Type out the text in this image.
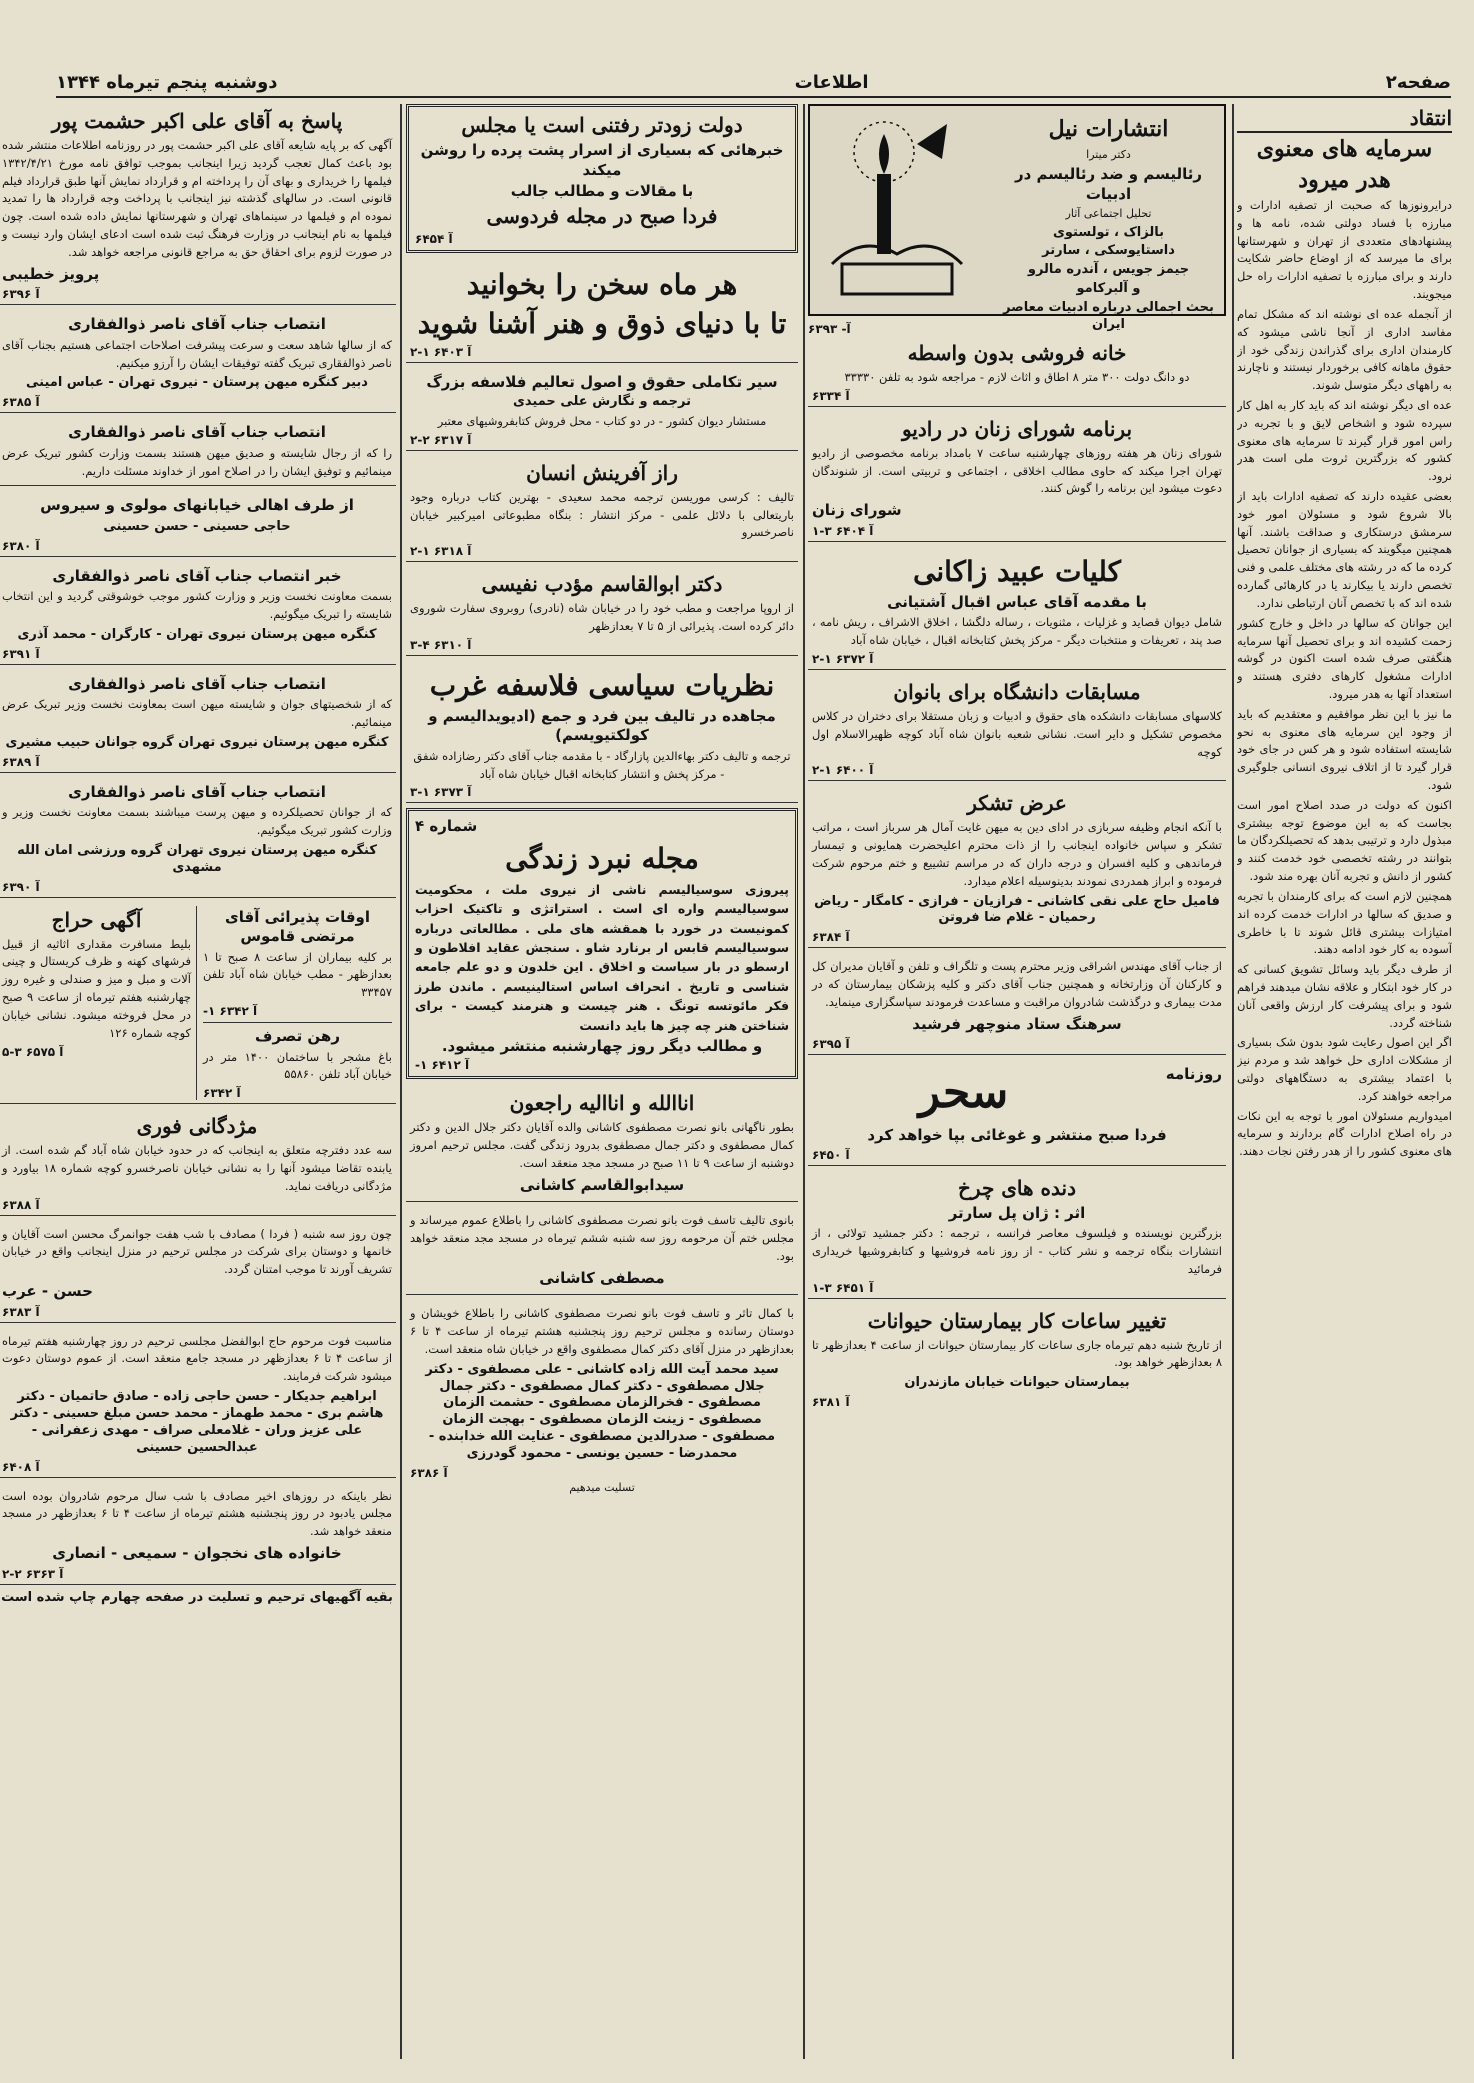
صفحه۲
اطلاعات
دوشنبه پنجم تیرماه ۱۳۴۴
انتقاد
سرمایه های معنوی
هدر میرود

درایرونوزها که صحبت از تصفیه ادارات و مبارزه با فساد دولتی شده، نامه ها و پیشنهادهای متعددی از تهران و شهرستانها برای ما میرسد که از اوضاع حاضر شکایت دارند و برای مبارزه با تصفیه ادارات راه حل میجویند.

از آنجمله عده ای نوشته اند که مشکل تمام مفاسد اداری از آنجا ناشی میشود که کارمندان اداری برای گذراندن زندگی خود از حقوق ماهانه کافی برخوردار نیستند و ناچارند به راههای دیگر متوسل شوند.

عده ای دیگر نوشته اند که باید کار به اهل کار سپرده شود و اشخاص لایق و با تجربه در راس امور قرار گیرند تا سرمایه های معنوی کشور که بزرگترین ثروت ملی است هدر نرود.

بعضی عقیده دارند که تصفیه ادارات باید از بالا شروع شود و مسئولان امور خود سرمشق درستکاری و صداقت باشند. آنها همچنین میگویند که بسیاری از جوانان تحصیل کرده ما که در رشته های مختلف علمی و فنی تخصص دارند یا بیکارند یا در کارهائی گمارده شده اند که با تخصص آنان ارتباطی ندارد.

این جوانان که سالها در داخل و خارج کشور زحمت کشیده اند و برای تحصیل آنها سرمایه هنگفتی صرف شده است اکنون در گوشه ادارات مشغول کارهای دفتری هستند و استعداد آنها به هدر میرود.

ما نیز با این نظر موافقیم و معتقدیم که باید از وجود این سرمایه های معنوی به نحو شایسته استفاده شود و هر کس در جای خود قرار گیرد تا از اتلاف نیروی انسانی جلوگیری شود.

اکنون که دولت در صدد اصلاح امور است بجاست که به این موضوع توجه بیشتری مبذول دارد و ترتیبی بدهد که تحصیلکردگان ما بتوانند در رشته تخصصی خود خدمت کنند و کشور از دانش و تجربه آنان بهره مند شود.

همچنین لازم است که برای کارمندان با تجربه و صدیق که سالها در ادارات خدمت کرده اند امتیازات بیشتری قائل شوند تا با خاطری آسوده به کار خود ادامه دهند.

از طرف دیگر باید وسائل تشویق کسانی که در کار خود ابتکار و علاقه نشان میدهند فراهم شود و برای پیشرفت کار ارزش واقعی آنان شناخته گردد.

اگر این اصول رعایت شود بدون شک بسیاری از مشکلات اداری حل خواهد شد و مردم نیز با اعتماد بیشتری به دستگاههای دولتی مراجعه خواهند کرد.

امیدواریم مسئولان امور با توجه به این نکات در راه اصلاح ادارات گام بردارند و سرمایه های معنوی کشور را از هدر رفتن نجات دهند.

انتشارات نیل
دکتر میترا
رئالیسم و ضد رئالیسم در ادبیات
تحلیل اجتماعی آثار
بالزاک ، تولستوی
داستایوسکی ، سارتر
جیمز جویس ، آندره مالرو
و آلبرکامو
بحث اجمالی درباره ادبیات معاصر ایران
آ- ۶۳۹۳
خانه فروشی بدون واسطه
دو دانگ دولت ۳۰۰ متر ۸ اطاق و اثاث لازم - مراجعه شود به تلفن ۳۳۳۳۰
آ ۶۳۳۴
برنامه شورای زنان در رادیو
شورای زنان هر هفته روزهای چهارشنبه ساعت ۷ بامداد برنامه مخصوصی از رادیو تهران اجرا میکند که حاوی مطالب اخلاقی ، اجتماعی و تربیتی است. از شنوندگان دعوت میشود این برنامه را گوش کنند.
شورای زنان
آ ۶۴۰۴ ۳-۱
کلیات عبید زاکانی
با مقدمه آقای عباس اقبال آشتیانی
شامل دیوان قصاید و غزلیات ، مثنویات ، رساله دلگشا ، اخلاق الاشراف ، ریش نامه ، صد پند ، تعریفات و منتخبات دیگر - مرکز پخش کتابخانه اقبال ، خیابان شاه آباد
آ ۶۳۷۲ ۱-۲
مسابقات دانشگاه برای بانوان
کلاسهای مسابقات دانشکده های حقوق و ادبیات و زبان مستقلا برای دختران در کلاس مخصوص تشکیل و دایر است. نشانی شعبه بانوان شاه آباد کوچه ظهیرالاسلام اول کوچه
آ ۶۴۰۰ ۱-۲
عرض تشکر
با آنکه انجام وظیفه سربازی در ادای دین به میهن غایت آمال هر سرباز است ، مراتب تشکر و سپاس خانواده اینجانب را از ذات محترم اعلیحضرت همایونی و تیمسار فرماندهی و کلیه افسران و درجه داران که در مراسم تشییع و ختم مرحوم شرکت فرموده و ابراز همدردی نمودند بدینوسیله اعلام میدارد.
فامیل حاج علی نقی کاشانی - فرازیان - فرازی - کامگار - ریاض رحمیان - غلام ضا فروتن
آ ۶۳۸۴
از جناب آقای مهندس اشراقی وزیر محترم پست و تلگراف و تلفن و آقایان مدیران کل و کارکنان آن وزارتخانه و همچنین جناب آقای دکتر و کلیه پزشکان بیمارستان که در مدت بیماری و درگذشت شادروان مراقبت و مساعدت فرمودند سپاسگزاری مینماید.
سرهنگ ستاد منوچهر فرشید
آ ۶۳۹۵
روزنامه
سحر
فردا صبح منتشر و غوغائی بپا خواهد کرد
آ ۶۴۵۰
دنده های چرخ
اثر : ژان پل سارتر
بزرگترین نویسنده و فیلسوف معاصر فرانسه ، ترجمه : دکتر جمشید تولائی ، از انتشارات بنگاه ترجمه و نشر کتاب - از روز نامه فروشیها و کتابفروشیها خریداری فرمائید
آ ۶۴۵۱ ۳-۱
تغییر ساعات کار بیمارستان حیوانات
از تاریخ شنبه دهم تیرماه جاری ساعات کار بیمارستان حیوانات از ساعت ۴ بعدازظهر تا ۸ بعدازظهر خواهد بود.
بیمارستان حیوانات خیابان مازندران
آ ۶۳۸۱
دولت زودتر رفتنی است یا مجلس
خبرهائی که بسیاری از اسرار پشت پرده را روشن میکند
با مقالات و مطالب جالب
فردا صبح در مجله فردوسی
آ ۶۴۵۴
هر ماه سخن را بخوانید
تا با دنیای ذوق و هنر آشنا شوید
آ ۶۴۰۳ ۱-۲
سیر تکاملی حقوق و اصول تعالیم فلاسفه بزرگ
ترجمه و نگارش علی حمیدی
مستشار دیوان کشور - در دو کتاب - محل فروش کتابفروشیهای معتبر
آ ۶۳۱۷ ۲-۲
راز آفرینش انسان
تالیف : کرسی موریسن ترجمه محمد سعیدی - بهترین کتاب درباره وجود باریتعالی با دلائل علمی - مرکز انتشار : بنگاه مطبوعاتی امیرکبیر خیابان ناصرخسرو
آ ۶۳۱۸ ۱-۲
دکتر ابوالقاسم مؤدب نفیسی
از اروپا مراجعت و مطب خود را در خیابان شاه (نادری) روبروی سفارت شوروی دائر کرده است. پذیرائی از ۵ تا ۷ بعدازظهر
آ ۶۳۱۰ ۴-۳
نظریات سیاسی فلاسفه غرب
مجاهده در تالیف بین فرد و جمع (ادیویدالیسم و کولکتیویسم)
ترجمه و تالیف دکتر بهاءالدین پازارگاد - با مقدمه جناب آقای دکتر رضازاده شفق - مرکز پخش و انتشار کتابخانه اقبال خیابان شاه آباد
آ ۶۳۷۳ ۱-۳
شماره ۴
مجله نبرد زندگی
پیروزی سوسیالیسم ناشی از نیروی ملت ، محکومیت سوسیالیسم واره ای است . استراتژی و تاکتیک احزاب کمونیست در خورد با همقشه های ملی . مطالعاتی درباره سوسیالیسم قابس ار برنارد شاو . سنجش عقاید افلاطون و ارسطو در بار سیاست و اخلاق . این خلدون و دو علم جامعه شناسی و تاریخ . انحراف اساس استالینیسم . ماندن طرز فکر مائوتسه تونگ . هنر چیست و هنرمند کیست - برای شناختن هنر چه چیز ها باید دانست
و مطالب دیگر روز چهارشنبه منتشر میشود.
آ ۶۴۱۲ ۱-
اناالله و انااليه راجعون
بطور ناگهانی بانو نصرت مصطفوی کاشانی والده آقایان دکتر جلال الدین و دکتر کمال مصطفوی و دکتر جمال مصطفوی بدرود زندگی گفت. مجلس ترحیم امروز دوشنبه از ساعت ۹ تا ۱۱ صبح در مسجد مجد منعقد است.
سیدابوالقاسم کاشانی
بانوی تالیف تاسف فوت بانو نصرت مصطفوی کاشانی را باطلاع عموم میرساند و مجلس ختم آن مرحومه روز سه شنبه ششم تیرماه در مسجد مجد منعقد خواهد بود.
مصطفی کاشانی
با کمال تاثر و تاسف فوت بانو نصرت مصطفوی کاشانی را باطلاع خویشان و دوستان رسانده و مجلس ترحیم روز پنجشنبه هشتم تیرماه از ساعت ۴ تا ۶ بعدازظهر در منزل آقای دکتر کمال مصطفوی واقع در خیابان شاه منعقد است.
سید محمد آیت الله زاده کاشانی - علی مصطفوی - دکتر جلال مصطفوی - دکتر کمال مصطفوی - دکتر جمال مصطفوی - فخرالزمان مصطفوی - حشمت الزمان مصطفوی - زینت الزمان مصطفوی - بهجت الزمان مصطفوی - صدرالدین مصطفوی - عنایت الله خدابنده - محمدرضا - حسین یونسی - محمود گودرزی
آ ۶۳۸۶
تسلیت میدهیم
پاسخ به آقای علی اکبر حشمت پور
آگهی که بر پایه شایعه آقای علی اکبر حشمت پور در روزنامه اطلاعات منتشر شده بود باعث کمال تعجب گردید زیرا اینجانب بموجب توافق نامه مورخ ۱۳۴۲/۴/۲۱ فیلمها را خریداری و بهای آن را پرداخته ام و قرارداد نمایش آنها طبق قرارداد فیلم قانونی است. در سالهای گذشته نیز اینجانب با پرداخت وجه قرارداد ها را تمدید نموده ام و فیلمها در سینماهای تهران و شهرستانها نمایش داده شده است. چون فیلمها به نام اینجانب در وزارت فرهنگ ثبت شده است ادعای ایشان وارد نیست و در صورت لزوم برای احقاق حق به مراجع قانونی مراجعه خواهد شد.
پرویز خطیبی
آ ۶۳۹۶
انتصاب جناب آقای ناصر ذوالفقاری
که از سالها شاهد سعت و سرعت پیشرفت اصلاحات اجتماعی هستیم بجناب آقای ناصر ذوالفقاری تبریک گفته توفیقات ایشان را آرزو میکنیم.
دبیر کنگره میهن پرستان - نیروی تهران - عباس امینی
آ ۶۳۸۵
انتصاب جناب آقای ناصر ذوالفقاری
را که از رجال شایسته و صدیق میهن هستند بسمت وزارت کشور تبریک عرض مینمائیم و توفیق ایشان را در اصلاح امور از خداوند مسئلت داریم.
از طرف اهالی خیابانهای مولوی و سیروس
حاجی حسینی - حسن حسینی
آ ۶۳۸۰
خبر انتصاب جناب آقای ناصر ذوالفقاری
بسمت معاونت نخست وزیر و وزارت کشور موجب خوشوقتی گردید و این انتخاب شایسته را تبریک میگوئیم.
کنگره میهن پرستان نیروی تهران - کارگران - محمد آذری
آ ۶۳۹۱
انتصاب جناب آقای ناصر ذوالفقاری
که از شخصیتهای جوان و شایسته میهن است بمعاونت نخست وزیر تبریک عرض مینمائیم.
کنگره میهن پرستان نیروی تهران گروه جوانان حبیب مشیری
آ ۶۳۸۹
انتصاب جناب آقای ناصر ذوالفقاری
که از جوانان تحصیلکرده و میهن پرست میباشند بسمت معاونت نخست وزیر و وزارت کشور تبریک میگوئیم.
کنگره میهن پرستان نیروی تهران گروه ورزشی امان الله مشهدی
آ ۶۳۹۰
اوقات پذیرائی آقای مرتضی قاموس
بر کلیه بیماران از ساعت ۸ صبح تا ۱ بعدازظهر - مطب خیابان شاه آباد تلفن ۳۳۴۵۷
آ ۶۳۴۲ ۱-
رهن تصرف
باغ مشجر با ساختمان ۱۴۰۰ متر در خیابان آباد تلفن ۵۵۸۶۰
آ ۶۳۴۲
آگهی حراج
بلیط مسافرت مقداری اثاثیه از قبیل فرشهای کهنه و ظرف کریستال و چینی آلات و مبل و میز و صندلی و غیره روز چهارشنبه هفتم تیرماه از ساعت ۹ صبح در محل فروخته میشود. نشانی خیابان کوچه شماره ۱۲۶
آ ۶۵۷۵ ۳-۵
مژدگانی فوری
سه عدد دفترچه متعلق به اینجانب که در حدود خیابان شاه آباد گم شده است. از یابنده تقاضا میشود آنها را به نشانی خیابان ناصرخسرو کوچه شماره ۱۸ بیاورد و مژدگانی دریافت نماید.
آ ۶۳۸۸
چون روز سه شنبه ( فردا ) مصادف با شب هفت جوانمرگ محسن است آقایان و خانمها و دوستان برای شرکت در مجلس ترحیم در منزل اینجانب واقع در خیابان تشریف آورند تا موجب امتنان گردد.
حسن - عرب
آ ۶۳۸۳
مناسبت فوت مرحوم حاج ابوالفضل مجلسی ترحیم در روز چهارشنبه هفتم تیرماه از ساعت ۴ تا ۶ بعدازظهر در مسجد جامع منعقد است. از عموم دوستان دعوت میشود شرکت فرمایند.
ابراهیم جدیکار - حسن حاجی زاده - صادق حاتمیان - دکتر هاشم بری - محمد طهماز - محمد حسن مبلغ حسینی - دکتر علی عزیز وران - غلامعلی صراف - مهدی زعفرانی - عبدالحسین حسینی
آ ۶۴۰۸
نظر باینکه در روزهای اخیر مصادف با شب سال مرحوم شادروان بوده است مجلس یادبود در روز پنجشنبه هشتم تیرماه از ساعت ۴ تا ۶ بعدازظهر در مسجد منعقد خواهد شد.
خانواده های نخجوان - سمیعی - انصاری
آ ۶۳۶۳ ۲-۲
بقیه آگهیهای ترحیم و تسلیت در صفحه چهارم چاپ شده است
